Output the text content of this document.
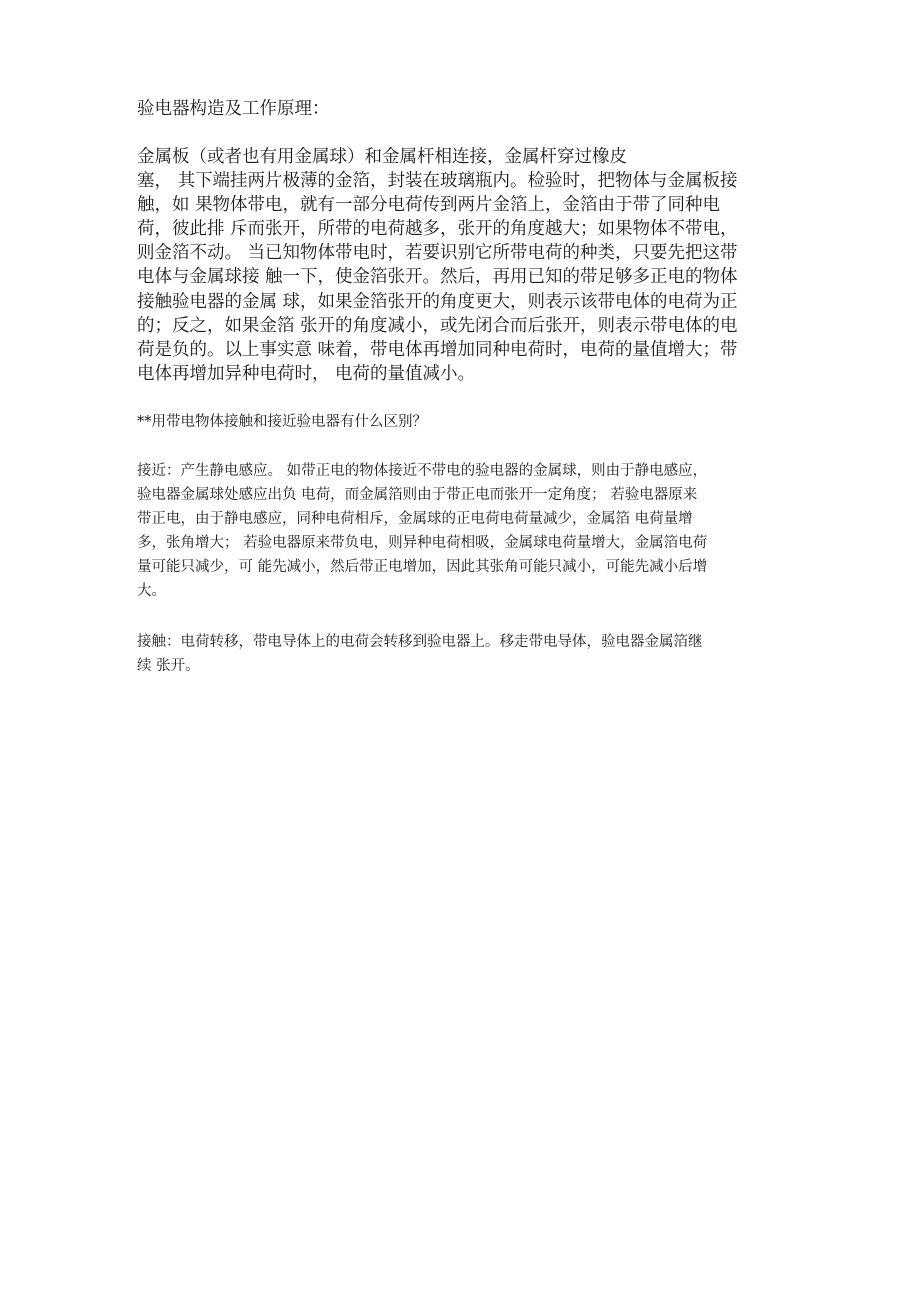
验电器构造及工作原理：

金属板（或者也有用金属球）和金属杆相连接，金属杆穿过橡皮

塞， 其下端挂两片极薄的金箔，封装在玻璃瓶内。检验时，把物体与金属板接

触，如 果物体带电，就有一部分电荷传到两片金箔上，金箔由于带了同种电

荷，彼此排 斥而张开，所带的电荷越多，张开的角度越大；如果物体不带电，

则金箔不动。 当已知物体带电时，若要识别它所带电荷的种类，只要先把这带

电体与金属球接 触一下，使金箔张开。然后，再用已知的带足够多正电的物体

接触验电器的金属 球，如果金箔张开的角度更大，则表示该带电体的电荷为正

的；反之，如果金箔 张开的角度减小，或先闭合而后张开，则表示带电体的电

荷是负的。以上事实意 味着，带电体再增加同种电荷时，电荷的量值增大；带

电体再增加异种电荷时， 电荷的量值减小。

**用带电物体接触和接近验电器有什么区别？

接近：产生静电感应。 如带正电的物体接近不带电的验电器的金属球，则由于静电感应，

验电器金属球处感应出负 电荷，而金属箔则由于带正电而张开一定角度； 若验电器原来

带正电，由于静电感应，同种电荷相斥，金属球的正电荷电荷量减少，金属箔 电荷量增

多，张角增大； 若验电器原来带负电，则异种电荷相吸，金属球电荷量增大，金属箔电荷

量可能只减少，可 能先减小，然后带正电增加，因此其张角可能只减小，可能先减小后增

大。

接触：电荷转移，带电导体上的电荷会转移到验电器上。移走带电导体，验电器金属箔继

续 张开。
